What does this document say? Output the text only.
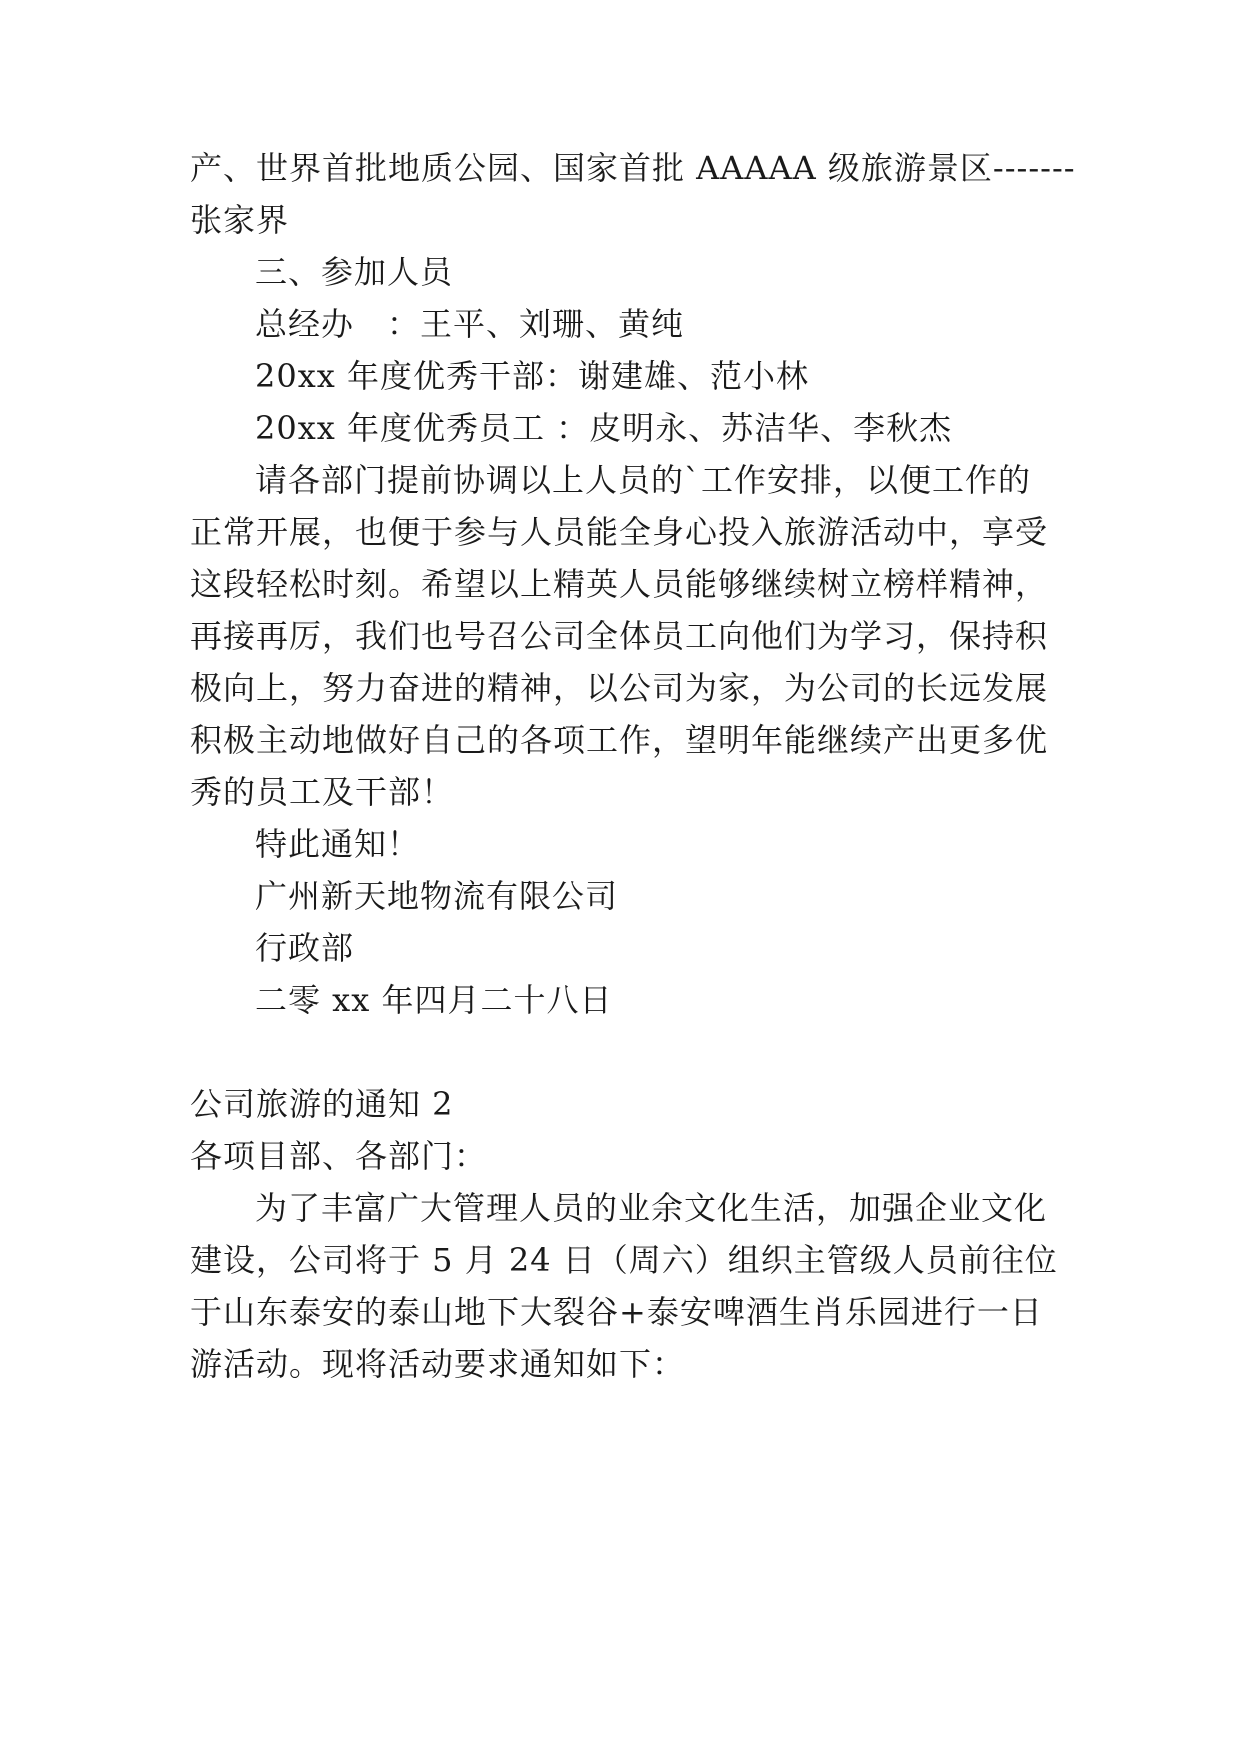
产、世界首批地质公园、国家首批 AAAAA 级旅游景区-------
张家界
三、参加人员
总经办　：王平、刘珊、黄纯
20xx 年度优秀干部：谢建雄、范小林
20xx 年度优秀员工 ：皮明永、苏洁华、李秋杰
请各部门提前协调以上人员的`工作安排，以便工作的
正常开展，也便于参与人员能全身心投入旅游活动中，享受
这段轻松时刻。希望以上精英人员能够继续树立榜样精神，
再接再厉，我们也号召公司全体员工向他们为学习，保持积
极向上，努力奋进的精神，以公司为家，为公司的长远发展
积极主动地做好自己的各项工作，望明年能继续产出更多优
秀的员工及干部！
特此通知！
广州新天地物流有限公司
行政部
二零 xx 年四月二十八日
公司旅游的通知 2
各项目部、各部门：
为了丰富广大管理人员的业余文化生活，加强企业文化
建设，公司将于 5 月 24 日（周六）组织主管级人员前往位
于山东泰安的泰山地下大裂谷+泰安啤酒生肖乐园进行一日
游活动。现将活动要求通知如下：
